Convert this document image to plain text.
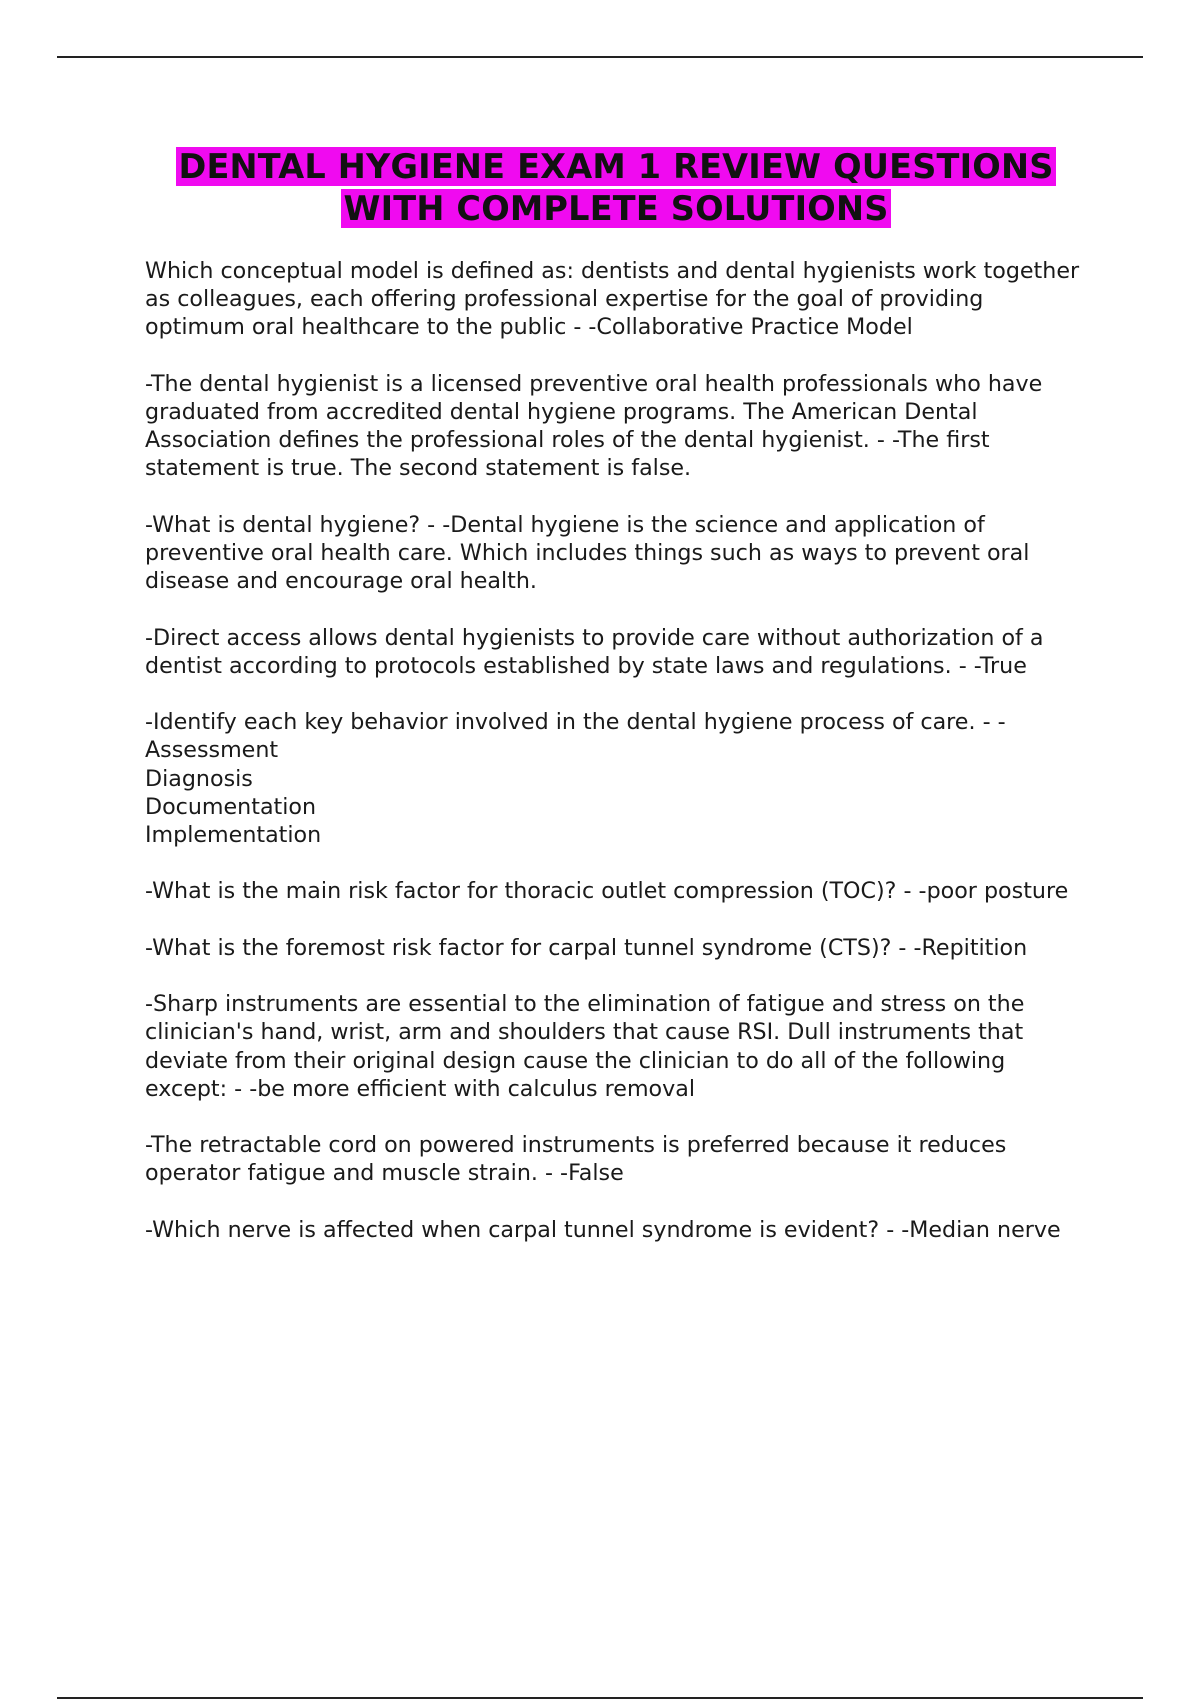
DENTAL HYGIENE EXAM 1 REVIEW QUESTIONS
WITH COMPLETE SOLUTIONS

Which conceptual model is defined as: dentists and dental hygienists work together as colleagues, each offering professional expertise for the goal of providing optimum oral healthcare to the public - -Collaborative Practice Model

-The dental hygienist is a licensed preventive oral health professionals who have graduated from accredited dental hygiene programs. The American Dental Association defines the professional roles of the dental hygienist. - -The first statement is true. The second statement is false.

-What is dental hygiene? - -Dental hygiene is the science and application of preventive oral health care. Which includes things such as ways to prevent oral disease and encourage oral health.

-Direct access allows dental hygienists to provide care without authorization of a dentist according to protocols established by state laws and regulations. - -True

-Identify each key behavior involved in the dental hygiene process of care. - -Assessment
Diagnosis
Documentation
Implementation

-What is the main risk factor for thoracic outlet compression (TOC)? - -poor posture

-What is the foremost risk factor for carpal tunnel syndrome (CTS)? - -Repitition

-Sharp instruments are essential to the elimination of fatigue and stress on the clinician's hand, wrist, arm and shoulders that cause RSI. Dull instruments that deviate from their original design cause the clinician to do all of the following except: - -be more efficient with calculus removal

-The retractable cord on powered instruments is preferred because it reduces operator fatigue and muscle strain. - -False

-Which nerve is affected when carpal tunnel syndrome is evident? - -Median nerve
